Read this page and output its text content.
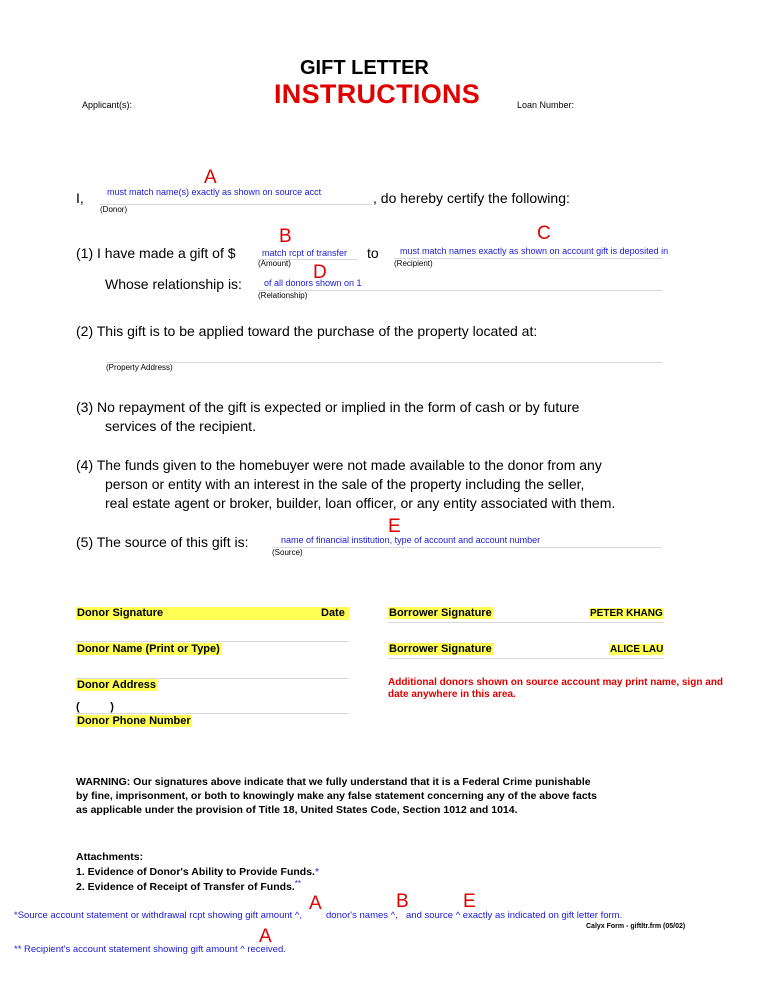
GIFT LETTER
INSTRUCTIONS
Applicant(s):	Loan Number:
A
I,	must match name(s) exactly as shown on source acct
(Donor)
, do hereby certify the following:
B	C
(1) I have made a gift of $	match rcpt of transfer
(Amount)
to must match names exactly as shown on account gift is deposited in
(Recipient)
D
Whose relationship is: of all donors shown on 1
(Relationship)
(2) This gift is to be applied toward the purchase of the property located at:
(Property Address)
(3) No repayment of the gift is expected or implied in the form of cash or by future
services of the recipient.
(4) The funds given to the homebuyer were not made available to the donor from any
person or entity with an interest in the sale of the property including the seller,
real estate agent or broker, builder, loan officer, or any entity associated with them.
E
(5) The source of this gift is:	name of financial institution, type of account and account number
(Source)
Donor Signature	Date
Donor Name (Print or Type)
Donor Address
(          )
Donor Phone Number
Borrower Signature	PETER KHANG
Borrower Signature	ALICE LAU
Additional donors shown on source account may print name, sign and
date anywhere in this area.
WARNING: Our signatures above indicate that we fully understand that it is a Federal Crime punishable
by fine, imprisonment, or both to knowingly make any false statement concerning any of the above facts
as applicable under the provision of Title 18, United States Code, Section 1012 and 1014.
Attachments:
1. Evidence of Donor's Ability to Provide Funds.*
2. Evidence of Receipt of Transfer of Funds.**
A	B	E
*Source account statement or withdrawal rcpt showing gift amount ^,	donor's names ^, and source ^ exactly as indicated on gift letter form.
Calyx Form - giftltr.frm (05/02)
A
** Recipient's account statement showing gift amount ^ received.
